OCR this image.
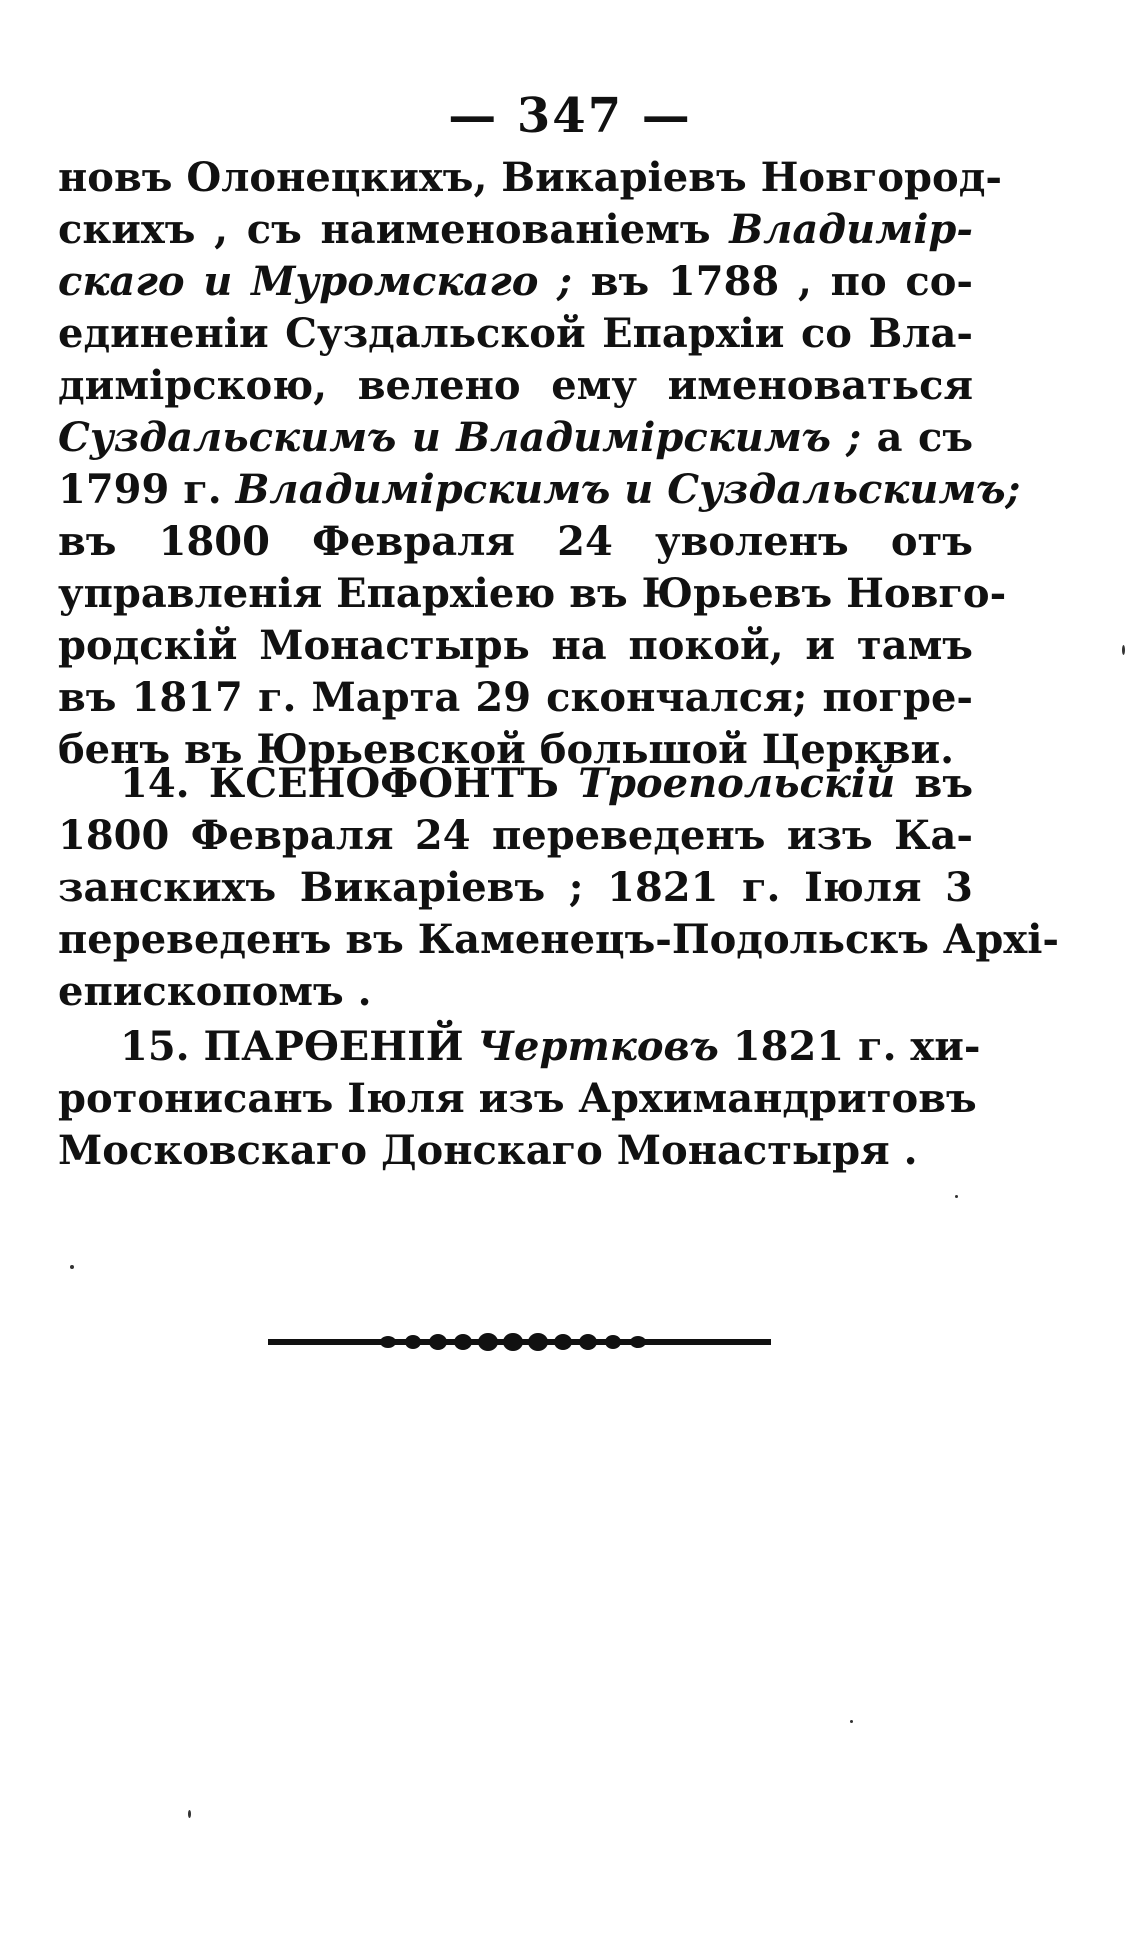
— 347 —
новъ Олонецкихъ, Викаріевъ Новгород-
скихъ , съ наименованіемъ Владимір-
скаго и Муромскаго ; въ 1788 , по со-
единеніи Суздальской Епархіи со Вла-
димірскою, велено ему именоваться
Суздальскимъ и Владимірскимъ ; а съ
1799 г. Владимірскимъ и Суздальскимъ;
въ 1800 Февраля 24 уволенъ отъ
управленія Епархіею въ Юрьевъ Новго-
родскій Монастырь на покой, и тамъ
въ 1817 г. Марта 29 скончался; погре-
бенъ въ Юрьевской большой Церкви.
14. КСЕНОФОНТЪ Троепольскій въ
1800 Февраля 24 переведенъ изъ Ка-
занскихъ Викаріевъ ; 1821 г. Іюля 3
переведенъ въ Каменецъ-Подольскъ Архі-
епископомъ .
15. ПАРѲЕНІЙ Чертковъ 1821 г. хи-
ротонисанъ Іюля изъ Архимандритовъ
Московскаго Донскаго Монастыря .
